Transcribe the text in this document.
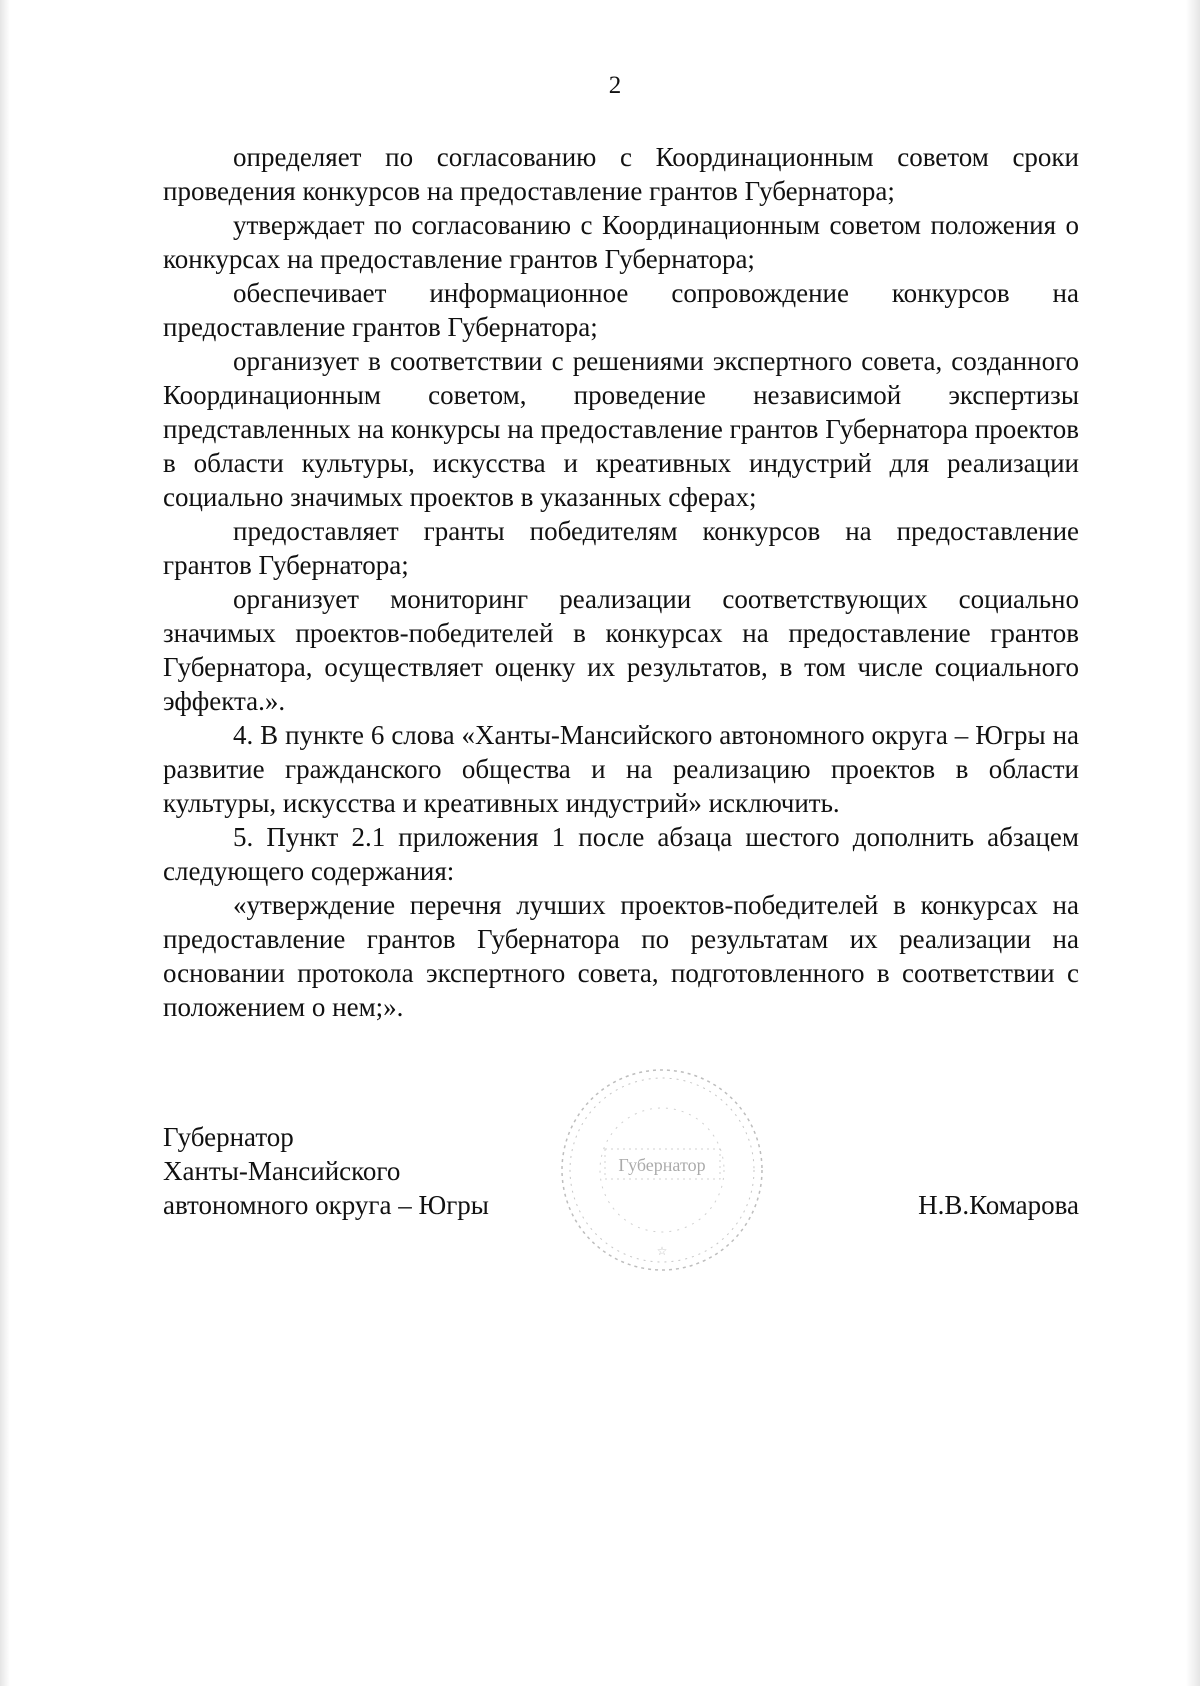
2

определяет по согласованию с Координационным советом сроки проведения конкурсов на предоставление грантов Губернатора;

утверждает по согласованию с Координационным советом положения о конкурсах на предоставление грантов Губернатора;

обеспечивает информационное сопровождение конкурсов на предоставление грантов Губернатора;

организует в соответствии с решениями экспертного совета, созданного Координационным советом, проведение независимой экспертизы представленных на конкурсы на предоставление грантов Губернатора проектов в области культуры, искусства и креативных индустрий для реализации социально значимых проектов в указанных сферах;

предоставляет гранты победителям конкурсов на предоставление грантов Губернатора;

организует мониторинг реализации соответствующих социально значимых проектов-победителей в конкурсах на предоставление грантов Губернатора, осуществляет оценку их результатов, в том числе социального эффекта.».

4. В пункте 6 слова «Ханты-Мансийского автономного округа – Югры на развитие гражданского общества и на реализацию проектов в области культуры, искусства и креативных индустрий» исключить.

5. Пункт 2.1 приложения 1 после абзаца шестого дополнить абзацем следующего содержания:

«утверждение перечня лучших проектов-победителей в конкурсах на предоставление грантов Губернатора по результатам их реализации на основании протокола экспертного совета, подготовленного в соответствии с положением о нем;».

Губернатор
Ханты-Мансийского
автономного округа – Югры	Н.В.Комарова
Губернатор
☆
